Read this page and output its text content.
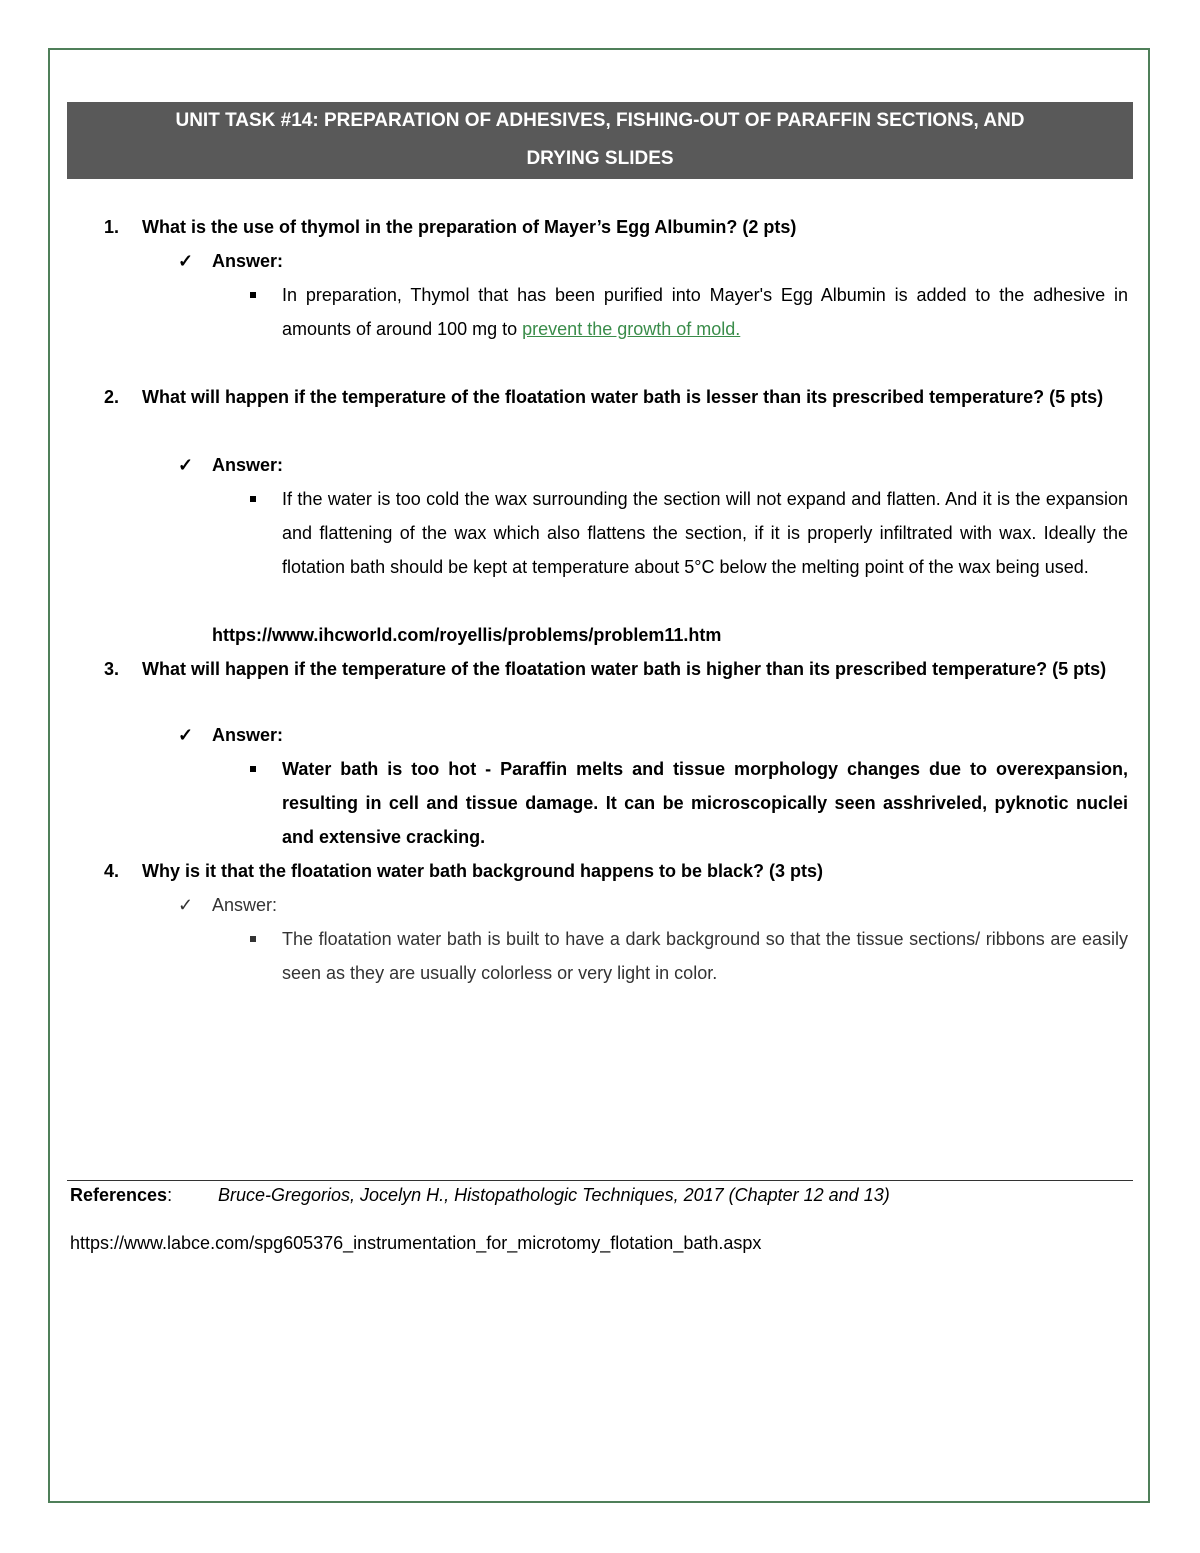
UNIT TASK #14: PREPARATION OF ADHESIVES, FISHING-OUT OF PARAFFIN SECTIONS, AND
DRYING SLIDES
1.	What is the use of thymol in the preparation of Mayer’s Egg Albumin? (2 pts)
✓ Answer:
In preparation, Thymol that has been purified into Mayer's Egg Albumin is added to the adhesive in amounts of around 100 mg to prevent the growth of mold.
2.	What will happen if the temperature of the floatation water bath is lesser than its prescribed temperature? (5 pts)
✓ Answer:
If the water is too cold the wax surrounding the section will not expand and flatten. And it is the expansion and flattening of the wax which also flattens the section, if it is properly infiltrated with wax. Ideally the flotation bath should be kept at temperature about 5°C below the melting point of the wax being used.
https://www.ihcworld.com/royellis/problems/problem11.htm
3.	What will happen if the temperature of the floatation water bath is higher than its prescribed temperature? (5 pts)
✓ Answer:
Water bath is too hot - Paraffin melts and tissue morphology changes due to overexpansion, resulting in cell and tissue damage. It can be microscopically seen asshriveled, pyknotic nuclei and extensive cracking.
4.	Why is it that the floatation water bath background happens to be black? (3 pts)
✓ Answer:
The floatation water bath is built to have a dark background so that the tissue sections/ ribbons are easily seen as they are usually colorless or very light in color.
References:	Bruce-Gregorios, Jocelyn H., Histopathologic Techniques, 2017 (Chapter 12 and 13)
https://www.labce.com/spg605376_instrumentation_for_microtomy_flotation_bath.aspx
